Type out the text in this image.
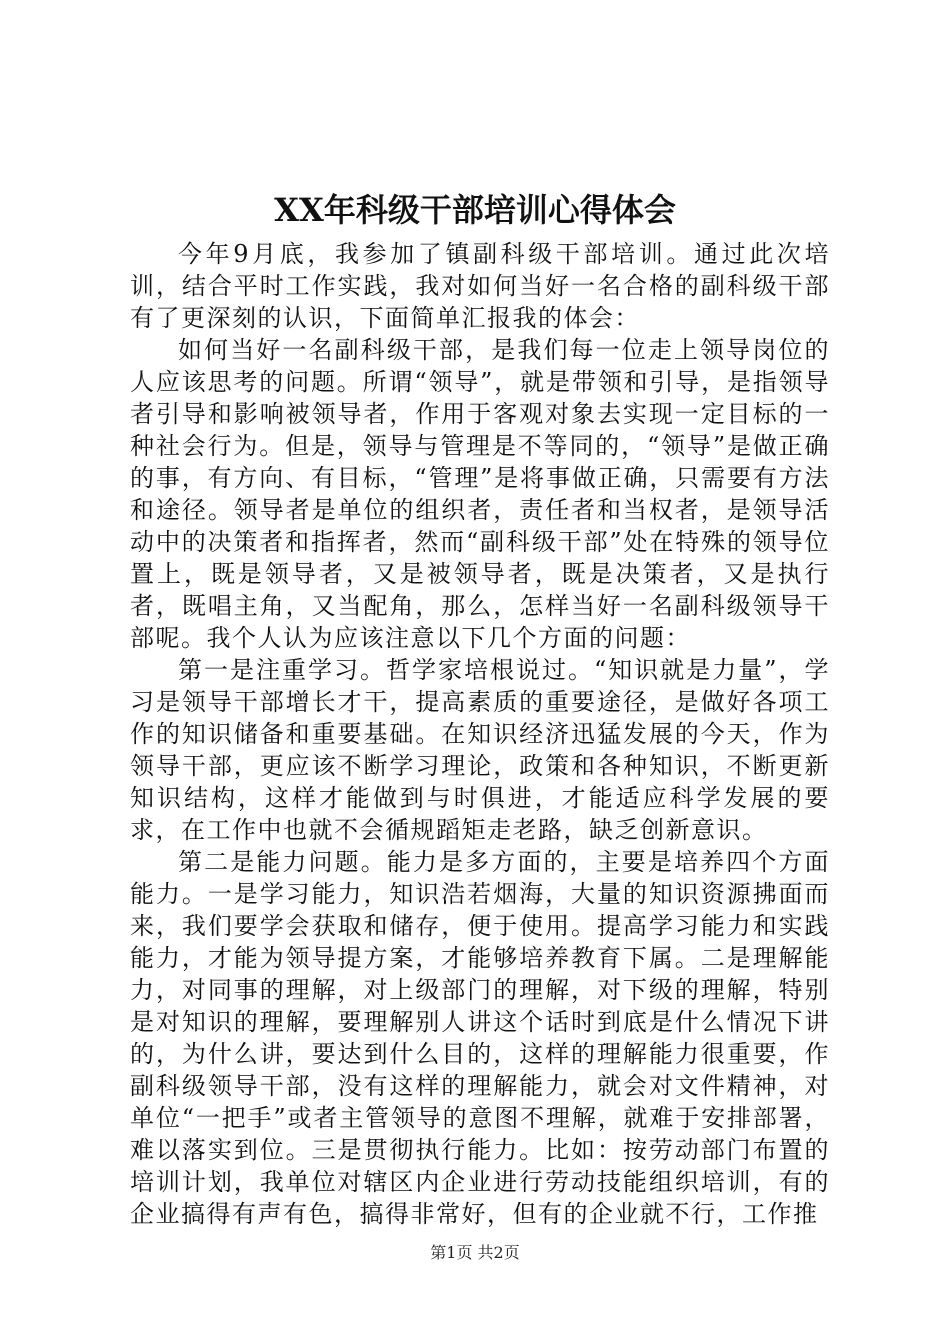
XX年科级干部培训心得体会

今年9月底，我参加了镇副科级干部培训。通过此次培训，结合平时工作实践，我对如何当好一名合格的副科级干部有了更深刻的认识，下面简单汇报我的体会：

如何当好一名副科级干部，是我们每一位走上领导岗位的人应该思考的问题。所谓“领导”，就是带领和引导，是指领导者引导和影响被领导者，作用于客观对象去实现一定目标的一种社会行为。但是，领导与管理是不等同的，“领导”是做正确的事，有方向、有目标，“管理”是将事做正确，只需要有方法和途径。领导者是单位的组织者，责任者和当权者，是领导活动中的决策者和指挥者，然而“副科级干部”处在特殊的领导位置上，既是领导者，又是被领导者，既是决策者，又是执行者，既唱主角，又当配角，那么，怎样当好一名副科级领导干部呢。我个人认为应该注意以下几个方面的问题：

第一是注重学习。哲学家培根说过。“知识就是力量”，学习是领导干部增长才干，提高素质的重要途径，是做好各项工作的知识储备和重要基础。在知识经济迅猛发展的今天，作为领导干部，更应该不断学习理论，政策和各种知识，不断更新知识结构，这样才能做到与时俱进，才能适应科学发展的要求，在工作中也就不会循规蹈矩走老路，缺乏创新意识。

第二是能力问题。能力是多方面的，主要是培养四个方面能力。一是学习能力，知识浩若烟海，大量的知识资源拂面而来，我们要学会获取和储存，便于使用。提高学习能力和实践能力，才能为领导提方案，才能够培养教育下属。二是理解能力，对同事的理解，对上级部门的理解，对下级的理解，特别是对知识的理解，要理解别人讲这个话时到底是什么情况下讲的，为什么讲，要达到什么目的，这样的理解能力很重要，作副科级领导干部，没有这样的理解能力，就会对文件精神，对单位“一把手”或者主管领导的意图不理解，就难于安排部署，难以落实到位。三是贯彻执行能力。比如：按劳动部门布置的培训计划，我单位对辖区内企业进行劳动技能组织培训，有的企业搞得有声有色，搞得非常好，但有的企业就不行，工作推

第1页 共2页
